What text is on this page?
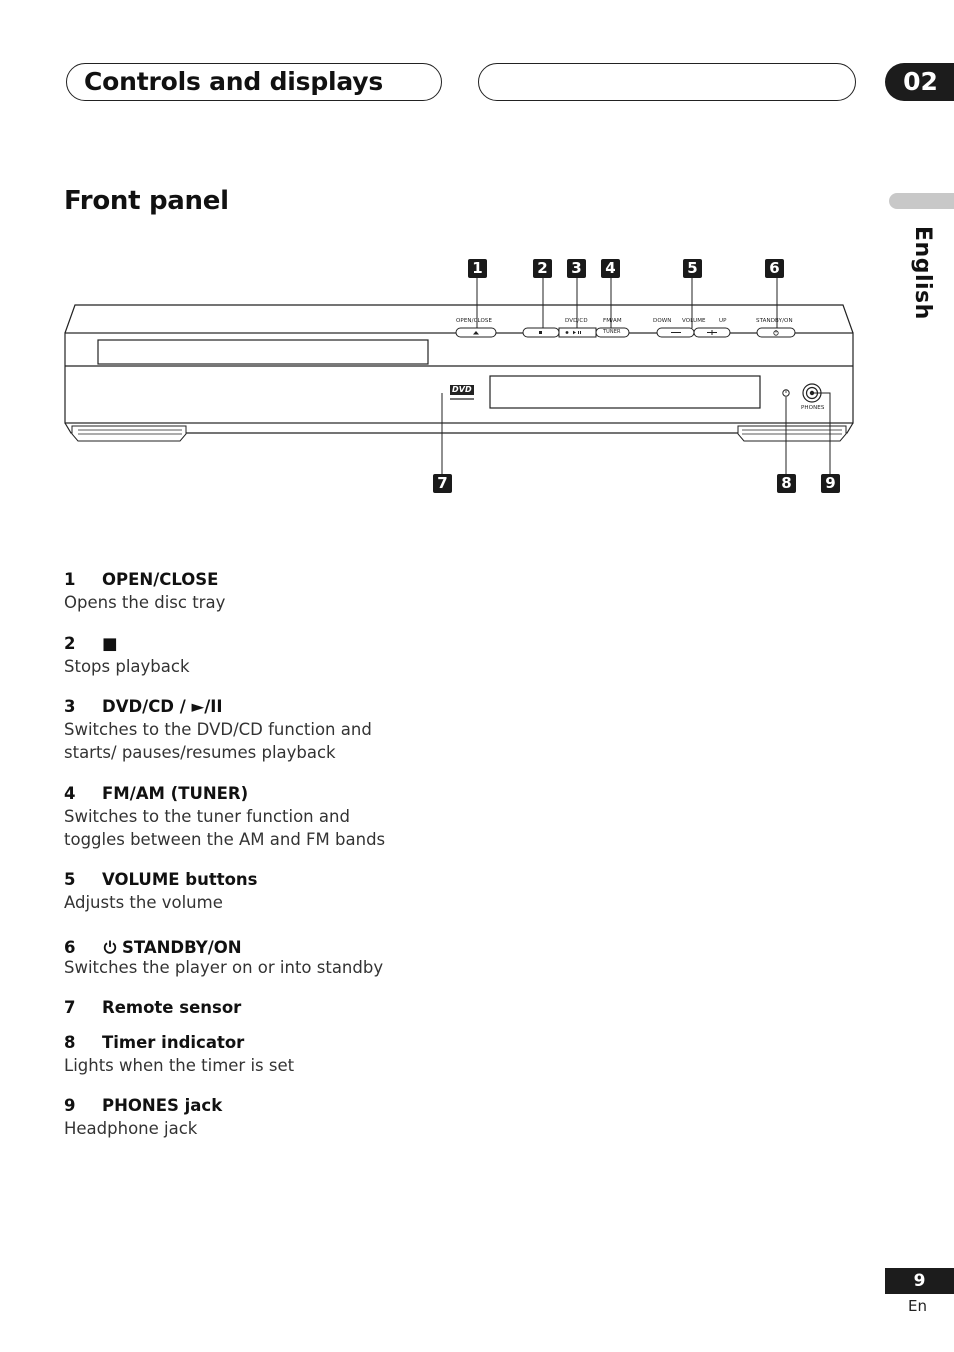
Controls and displays	02
English
Front panel
OPEN/CLOSE	DVD/CD	FM/AM
TUNER
DOWN VOLUME UP	STANDBY/ON
PHONES
DVD
1	2 3 4	5	6
7	8 9
1	OPEN/CLOSE
Opens the disc tray
2	■
Stops playback
3	DVD/CD / ►/II
Switches to the DVD/CD function and starts/ pauses/resumes playback
4	FM/AM (TUNER)
Switches to the tuner function and toggles between the AM and FM bands
5	VOLUME buttons
Adjusts the volume
6	STANDBY/ON
Switches the player on or into standby
7	Remote sensor
8	Timer indicator
Lights when the timer is set
9	PHONES jack
Headphone jack
9
En
